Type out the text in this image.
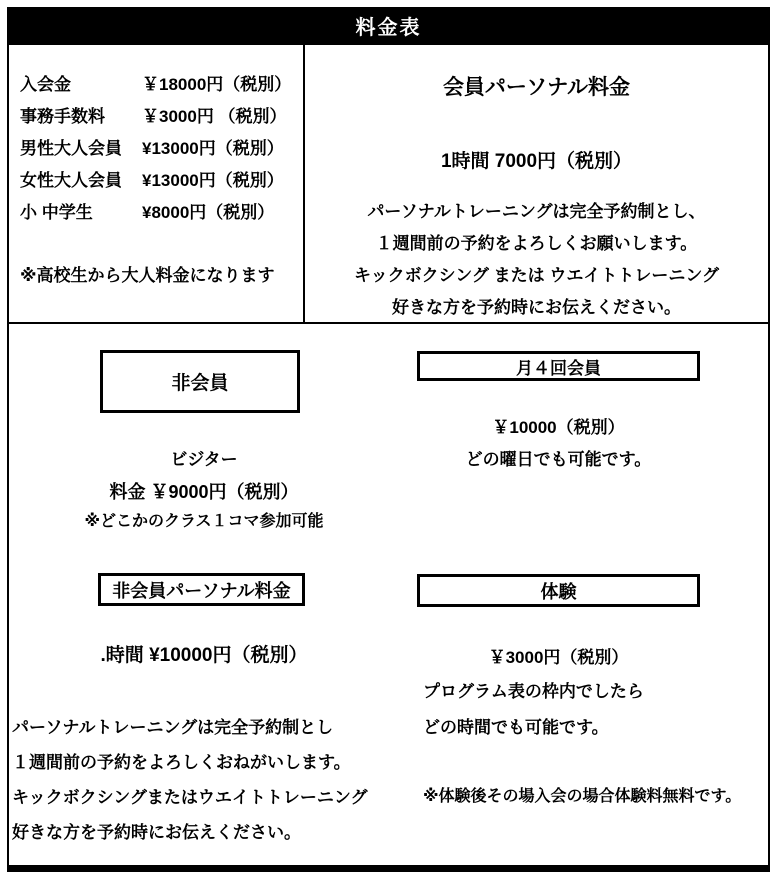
料金表
入会金	￥18000円（税別）
事務手数料	￥3000円 （税別）
男性大人会員	¥13000円（税別）
女性大人会員	¥13000円（税別）
小 中学生	¥8000円（税別）
※高校生から大人料金になります
会員パーソナル料金
1時間 7000円（税別）
パーソナルトレーニングは完全予約制とし、
１週間前の予約をよろしくお願いします。
キックボクシング または ウエイトトレーニング
好きな方を予約時にお伝えください。
非会員
ビジター
料金 ￥9000円（税別）
※どこかのクラス１コマ参加可能
月４回会員
￥10000（税別）
どの曜日でも可能です。
非会員パーソナル料金
.時間 ¥10000円（税別）
パーソナルトレーニングは完全予約制とし
１週間前の予約をよろしくおねがいします。
キックボクシングまたはウエイトトレーニング
好きな方を予約時にお伝えください。
体験
￥3000円（税別）
プログラム表の枠内でしたら
どの時間でも可能です。
※体験後その場入会の場合体験料無料です。
